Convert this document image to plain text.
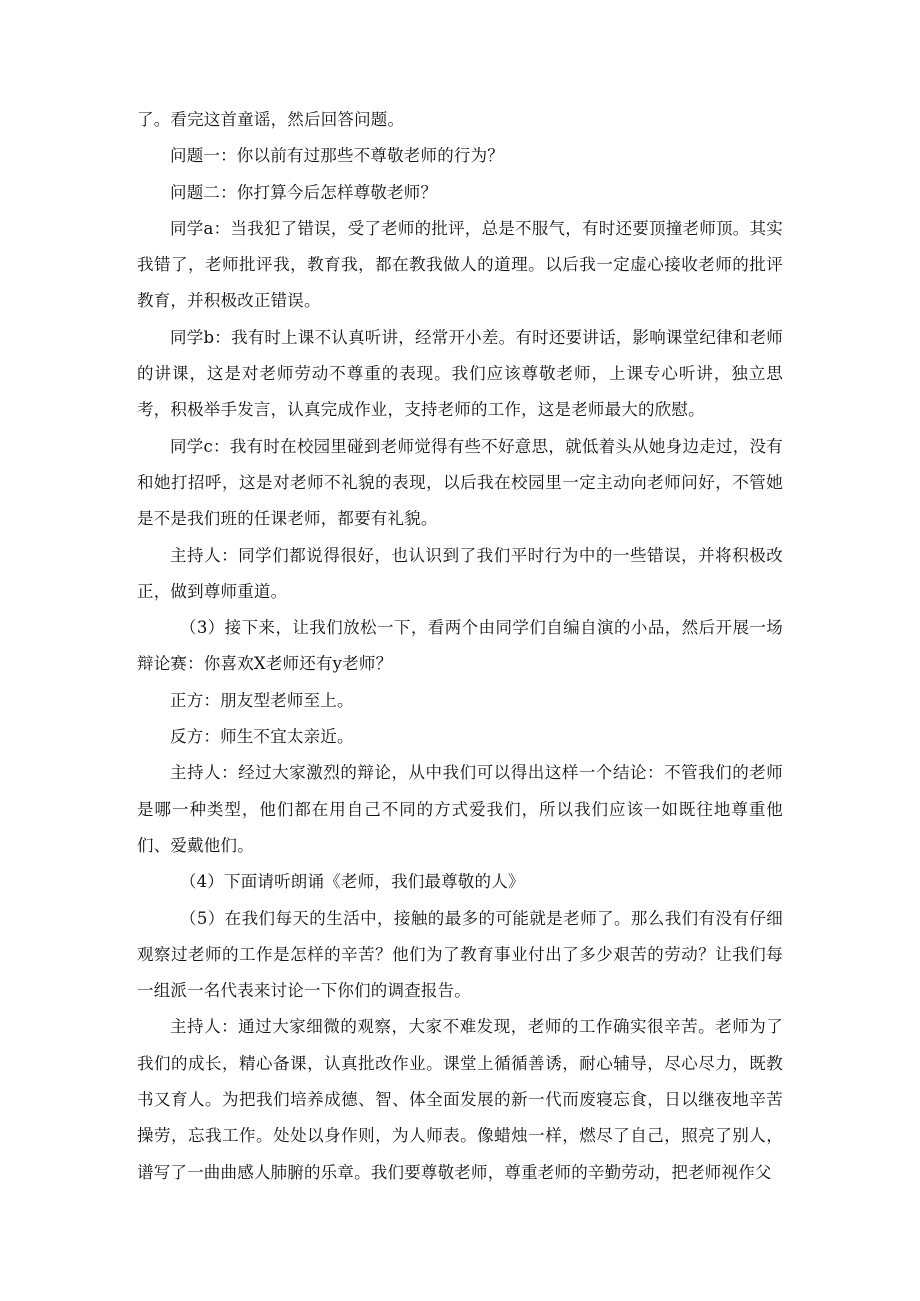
了。看完这首童谣，然后回答问题。

问题一：你以前有过那些不尊敬老师的行为？

问题二：你打算今后怎样尊敬老师？

同学a：当我犯了错误，受了老师的批评，总是不服气，有时还要顶撞老师顶。其实我错了，老师批评我，教育我，都在教我做人的道理。以后我一定虚心接收老师的批评教育，并积极改正错误。

同学b：我有时上课不认真听讲，经常开小差。有时还要讲话，影响课堂纪律和老师的讲课，这是对老师劳动不尊重的表现。我们应该尊敬老师，上课专心听讲，独立思考，积极举手发言，认真完成作业，支持老师的工作，这是老师最大的欣慰。

同学c：我有时在校园里碰到老师觉得有些不好意思，就低着头从她身边走过，没有和她打招呼，这是对老师不礼貌的表现，以后我在校园里一定主动向老师问好，不管她是不是我们班的任课老师，都要有礼貌。

主持人：同学们都说得很好，也认识到了我们平时行为中的一些错误，并将积极改正，做到尊师重道。

（3）接下来，让我们放松一下，看两个由同学们自编自演的小品，然后开展一场辩论赛：你喜欢X老师还有y老师？

正方：朋友型老师至上。

反方：师生不宜太亲近。

主持人：经过大家激烈的辩论，从中我们可以得出这样一个结论：不管我们的老师是哪一种类型，他们都在用自己不同的方式爱我们，所以我们应该一如既往地尊重他们、爱戴他们。

（4）下面请听朗诵《老师，我们最尊敬的人》

（5）在我们每天的生活中，接触的最多的可能就是老师了。那么我们有没有仔细观察过老师的工作是怎样的辛苦？他们为了教育事业付出了多少艰苦的劳动？让我们每一组派一名代表来讨论一下你们的调查报告。

主持人：通过大家细微的观察，大家不难发现，老师的工作确实很辛苦。老师为了我们的成长，精心备课，认真批改作业。课堂上循循善诱，耐心辅导，尽心尽力，既教书又育人。为把我们培养成德、智、体全面发展的新一代而废寝忘食，日以继夜地辛苦操劳，忘我工作。处处以身作则，为人师表。像蜡烛一样，燃尽了自己，照亮了别人，谱写了一曲曲感人肺腑的乐章。我们要尊敬老师，尊重老师的辛勤劳动，把老师视作父
